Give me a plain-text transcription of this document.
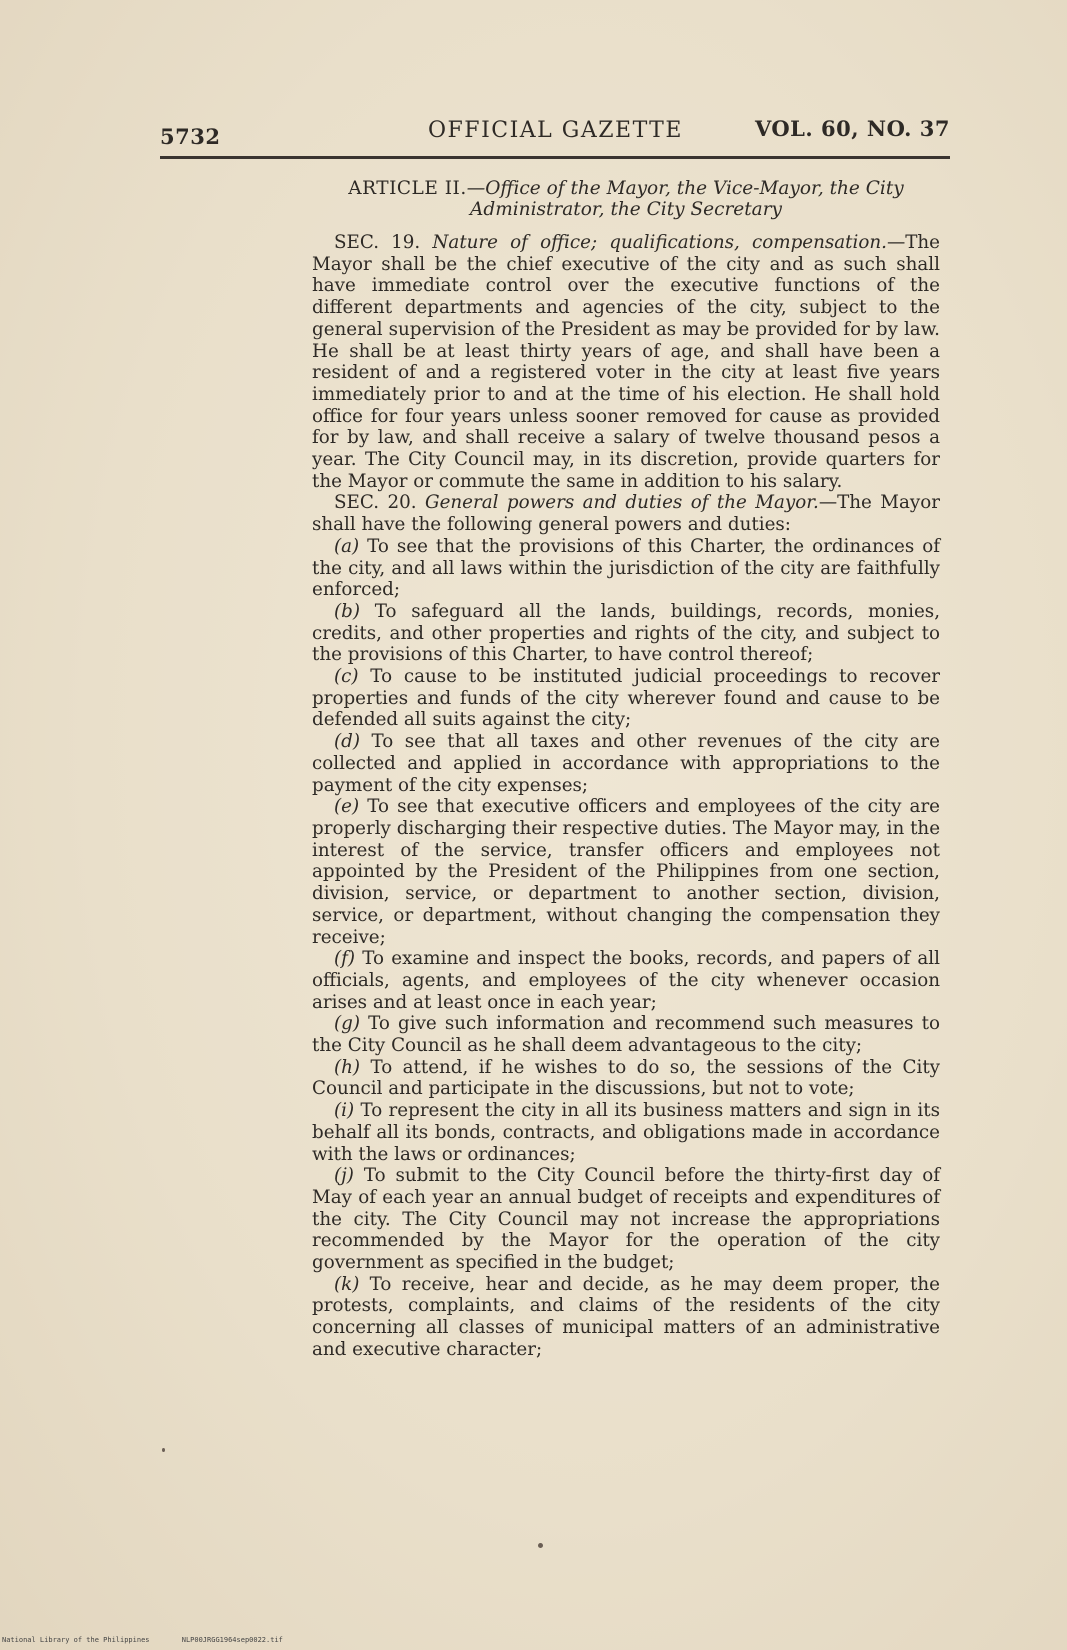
5732	OFFICIAL GAZETTE	VOL. 60, NO. 37
ARTICLE II.—Office of the Mayor, the Vice-Mayor, the City Administrator, the City Secretary

SEC. 19. Nature of office; qualifications, compensation.—The Mayor shall be the chief executive of the city and as such shall have immediate control over the executive functions of the different departments and agencies of the city, subject to the general supervision of the President as may be provided for by law. He shall be at least thirty years of age, and shall have been a resident of and a registered voter in the city at least five years immediately prior to and at the time of his election. He shall hold office for four years unless sooner removed for cause as provided for by law, and shall receive a salary of twelve thousand pesos a year. The City Council may, in its discretion, provide quarters for the Mayor or commute the same in addition to his salary.

SEC. 20. General powers and duties of the Mayor.—The Mayor shall have the following general powers and duties:

(a) To see that the provisions of this Charter, the ordinances of the city, and all laws within the jurisdiction of the city are faithfully enforced;

(b) To safeguard all the lands, buildings, records, monies, credits, and other properties and rights of the city, and subject to the provisions of this Charter, to have control thereof;

(c) To cause to be instituted judicial proceedings to recover properties and funds of the city wherever found and cause to be defended all suits against the city;

(d) To see that all taxes and other revenues of the city are collected and applied in accordance with appropriations to the payment of the city expenses;

(e) To see that executive officers and employees of the city are properly discharging their respective duties. The Mayor may, in the interest of the service, transfer officers and employees not appointed by the President of the Philippines from one section, division, service, or department to another section, division, service, or department, without changing the compensation they receive;

(f) To examine and inspect the books, records, and papers of all officials, agents, and employees of the city whenever occasion arises and at least once in each year;

(g) To give such information and recommend such measures to the City Council as he shall deem advantageous to the city;

(h) To attend, if he wishes to do so, the sessions of the City Council and participate in the discussions, but not to vote;

(i) To represent the city in all its business matters and sign in its behalf all its bonds, contracts, and obligations made in accordance with the laws or ordinances;

(j) To submit to the City Council before the thirty-first day of May of each year an annual budget of receipts and expenditures of the city. The City Council may not increase the appropriations recommended by the Mayor for the operation of the city government as specified in the budget;

(k) To receive, hear and decide, as he may deem proper, the protests, complaints, and claims of the residents of the city concerning all classes of municipal matters of an administrative and executive character;

National Library of the Philippines	NLP00JRGG1964sep0022.tif
